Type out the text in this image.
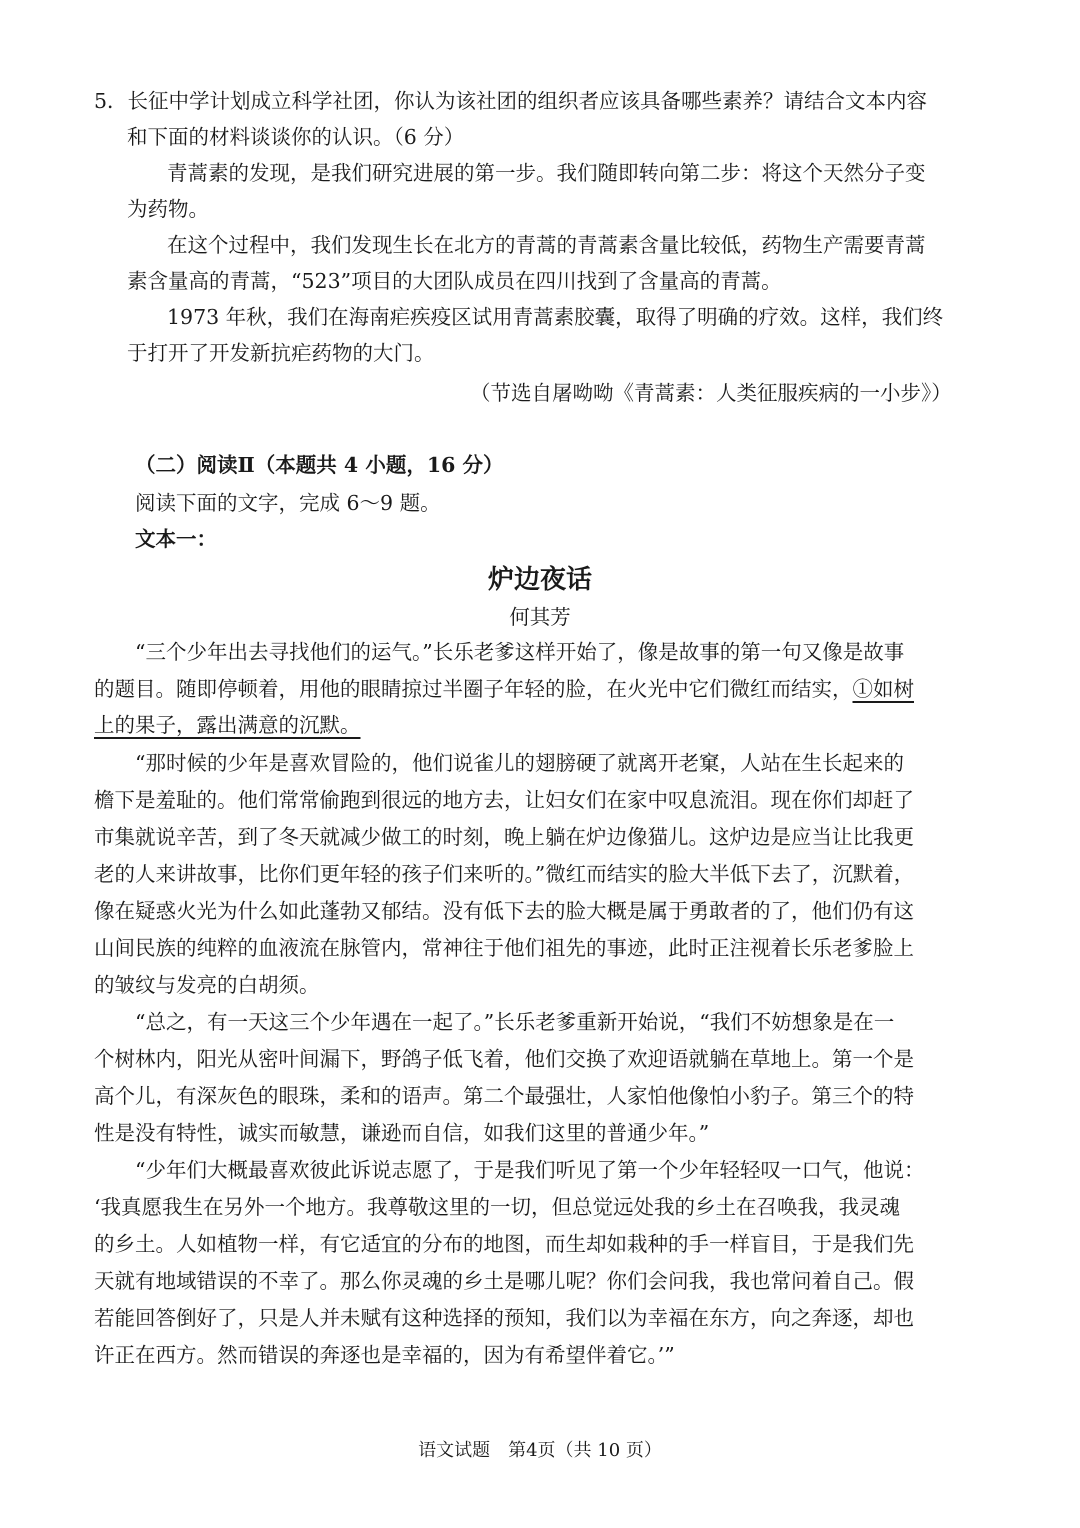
5．长征中学计划成立科学社团，你认为该社团的组织者应该具备哪些素养？请结合文本内容
和下面的材料谈谈你的认识。（6 分）
青蒿素的发现，是我们研究进展的第一步。我们随即转向第二步：将这个天然分子变
为药物。
在这个过程中，我们发现生长在北方的青蒿的青蒿素含量比较低，药物生产需要青蒿
素含量高的青蒿，“523”项目的大团队成员在四川找到了含量高的青蒿。
1973 年秋，我们在海南疟疾疫区试用青蒿素胶囊，取得了明确的疗效。这样，我们终
于打开了开发新抗疟药物的大门。
（节选自屠呦呦《青蒿素：人类征服疾病的一小步》）
（二）阅读Ⅱ（本题共 4 小题，16 分）
阅读下面的文字，完成 6～9 题。
文本一：
炉边夜话
何其芳
“三个少年出去寻找他们的运气。”长乐老爹这样开始了，像是故事的第一句又像是故事
的题目。随即停顿着，用他的眼睛掠过半圈子年轻的脸，在火光中它们微红而结实，①如树
上的果子，露出满意的沉默。
“那时候的少年是喜欢冒险的，他们说雀儿的翅膀硬了就离开老窠，人站在生长起来的
檐下是羞耻的。他们常常偷跑到很远的地方去，让妇女们在家中叹息流泪。现在你们却赶了
市集就说辛苦，到了冬天就减少做工的时刻，晚上躺在炉边像猫儿。这炉边是应当让比我更
老的人来讲故事，比你们更年轻的孩子们来听的。”微红而结实的脸大半低下去了，沉默着，
像在疑惑火光为什么如此蓬勃又郁结。没有低下去的脸大概是属于勇敢者的了，他们仍有这
山间民族的纯粹的血液流在脉管内，常神往于他们祖先的事迹，此时正注视着长乐老爹脸上
的皱纹与发亮的白胡须。
“总之，有一天这三个少年遇在一起了。”长乐老爹重新开始说，“我们不妨想象是在一
个树林内，阳光从密叶间漏下，野鸽子低飞着，他们交换了欢迎语就躺在草地上。第一个是
高个儿，有深灰色的眼珠，柔和的语声。第二个最强壮，人家怕他像怕小豹子。第三个的特
性是没有特性，诚实而敏慧，谦逊而自信，如我们这里的普通少年。”
“少年们大概最喜欢彼此诉说志愿了，于是我们听见了第一个少年轻轻叹一口气，他说：
‘我真愿我生在另外一个地方。我尊敬这里的一切，但总觉远处我的乡土在召唤我，我灵魂
的乡土。人如植物一样，有它适宜的分布的地图，而生却如栽种的手一样盲目，于是我们先
天就有地域错误的不幸了。那么你灵魂的乡土是哪儿呢？你们会问我，我也常问着自己。假
若能回答倒好了，只是人并未赋有这种选择的预知，我们以为幸福在东方，向之奔逐，却也
许正在西方。然而错误的奔逐也是幸福的，因为有希望伴着它。’”
语文试题　第4页（共 10 页）
